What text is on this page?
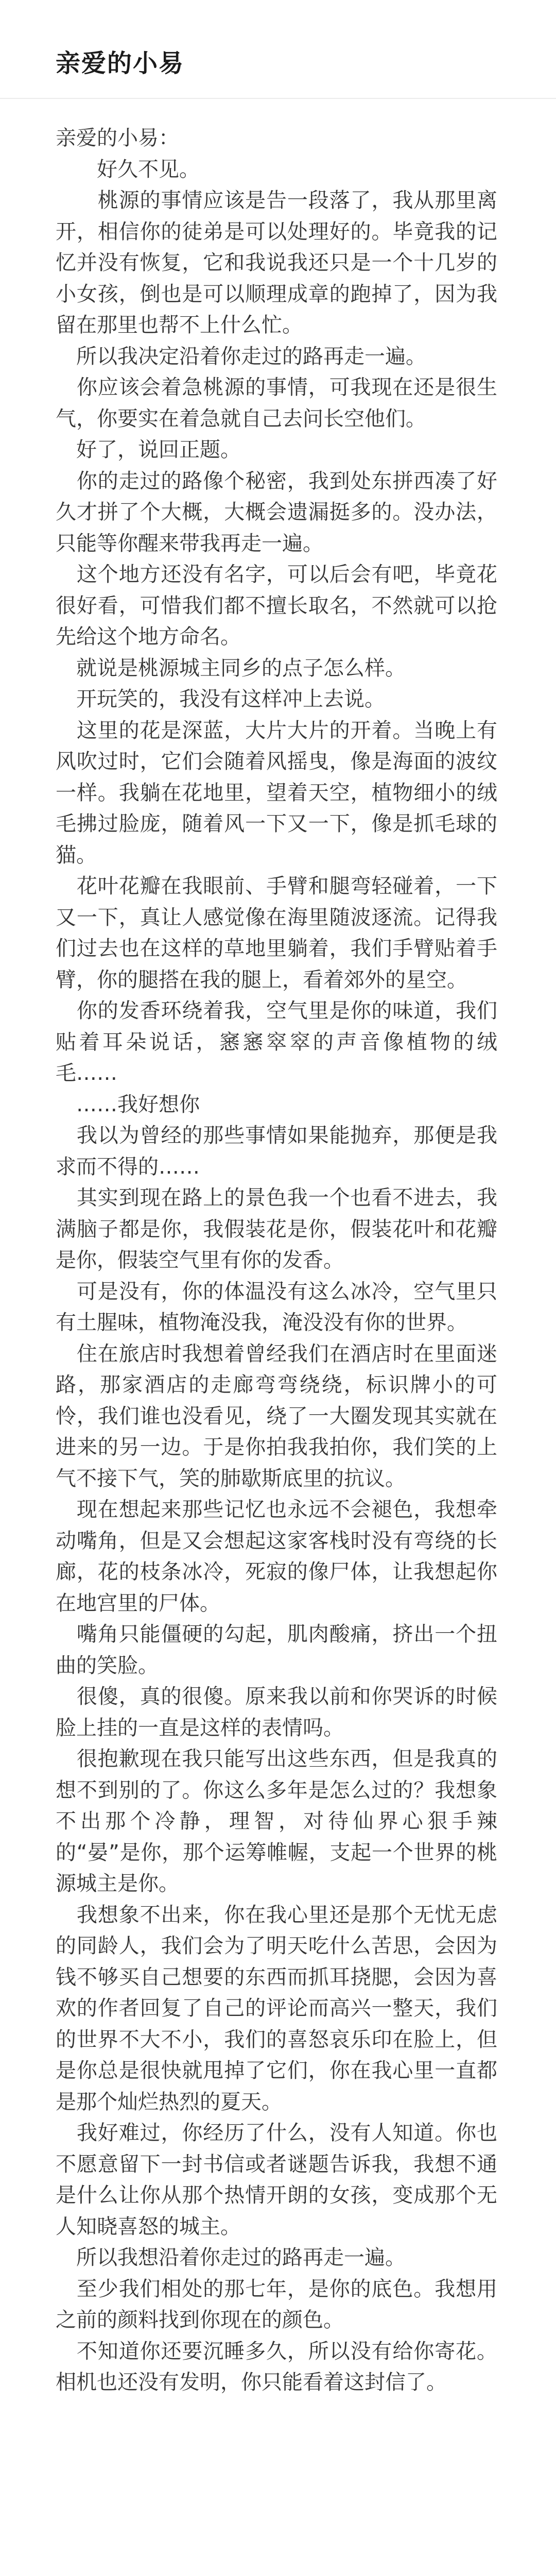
亲爱的小易

亲爱的小易：

　　好久不见。

　　桃源的事情应该是告一段落了，我从那里离开，相信你的徒弟是可以处理好的。毕竟我的记忆并没有恢复，它和我说我还只是一个十几岁的小女孩，倒也是可以顺理成章的跑掉了，因为我留在那里也帮不上什么忙。

　所以我决定沿着你走过的路再走一遍。

　你应该会着急桃源的事情，可我现在还是很生气，你要实在着急就自己去问长空他们。

　好了，说回正题。

　你的走过的路像个秘密，我到处东拼西凑了好久才拼了个大概，大概会遗漏挺多的。没办法，只能等你醒来带我再走一遍。

　这个地方还没有名字，可以后会有吧，毕竟花很好看，可惜我们都不擅长取名，不然就可以抢先给这个地方命名。

　就说是桃源城主同乡的点子怎么样。

　开玩笑的，我没有这样冲上去说。

　这里的花是深蓝，大片大片的开着。当晚上有风吹过时，它们会随着风摇曳，像是海面的波纹一样。我躺在花地里，望着天空，植物细小的绒毛拂过脸庞，随着风一下又一下，像是抓毛球的猫。

　花叶花瓣在我眼前、手臂和腿弯轻碰着，一下又一下，真让人感觉像在海里随波逐流。记得我们过去也在这样的草地里躺着，我们手臂贴着手臂，你的腿搭在我的腿上，看着郊外的星空。

　你的发香环绕着我，空气里是你的味道，我们贴着耳朵说话，窸窸窣窣的声音像植物的绒毛……

　……我好想你

　我以为曾经的那些事情如果能抛弃，那便是我求而不得的……

　其实到现在路上的景色我一个也看不进去，我满脑子都是你，我假装花是你，假装花叶和花瓣是你，假装空气里有你的发香。

　可是没有，你的体温没有这么冰冷，空气里只有土腥味，植物淹没我，淹没没有你的世界。

　住在旅店时我想着曾经我们在酒店时在里面迷路，那家酒店的走廊弯弯绕绕，标识牌小的可怜，我们谁也没看见，绕了一大圈发现其实就在进来的另一边。于是你拍我我拍你，我们笑的上气不接下气，笑的肺歇斯底里的抗议。

　现在想起来那些记忆也永远不会褪色，我想牵动嘴角，但是又会想起这家客栈时没有弯绕的长廊，花的枝条冰冷，死寂的像尸体，让我想起你在地宫里的尸体。

　嘴角只能僵硬的勾起，肌肉酸痛，挤出一个扭曲的笑脸。

　很傻，真的很傻。原来我以前和你哭诉的时候脸上挂的一直是这样的表情吗。

　很抱歉现在我只能写出这些东西，但是我真的想不到别的了。你这么多年是怎么过的？我想象不出那个冷静，理智，对待仙界心狠手辣的“晏”是你，那个运筹帷幄，支起一个世界的桃源城主是你。

　我想象不出来，你在我心里还是那个无忧无虑的同龄人，我们会为了明天吃什么苦思，会因为钱不够买自己想要的东西而抓耳挠腮，会因为喜欢的作者回复了自己的评论而高兴一整天，我们的世界不大不小，我们的喜怒哀乐印在脸上，但是你总是很快就甩掉了它们，你在我心里一直都是那个灿烂热烈的夏天。

　我好难过，你经历了什么，没有人知道。你也不愿意留下一封书信或者谜题告诉我，我想不通是什么让你从那个热情开朗的女孩，变成那个无人知晓喜怒的城主。

　所以我想沿着你走过的路再走一遍。

　至少我们相处的那七年，是你的底色。我想用之前的颜料找到你现在的颜色。

　不知道你还要沉睡多久，所以没有给你寄花。相机也还没有发明，你只能看着这封信了。
